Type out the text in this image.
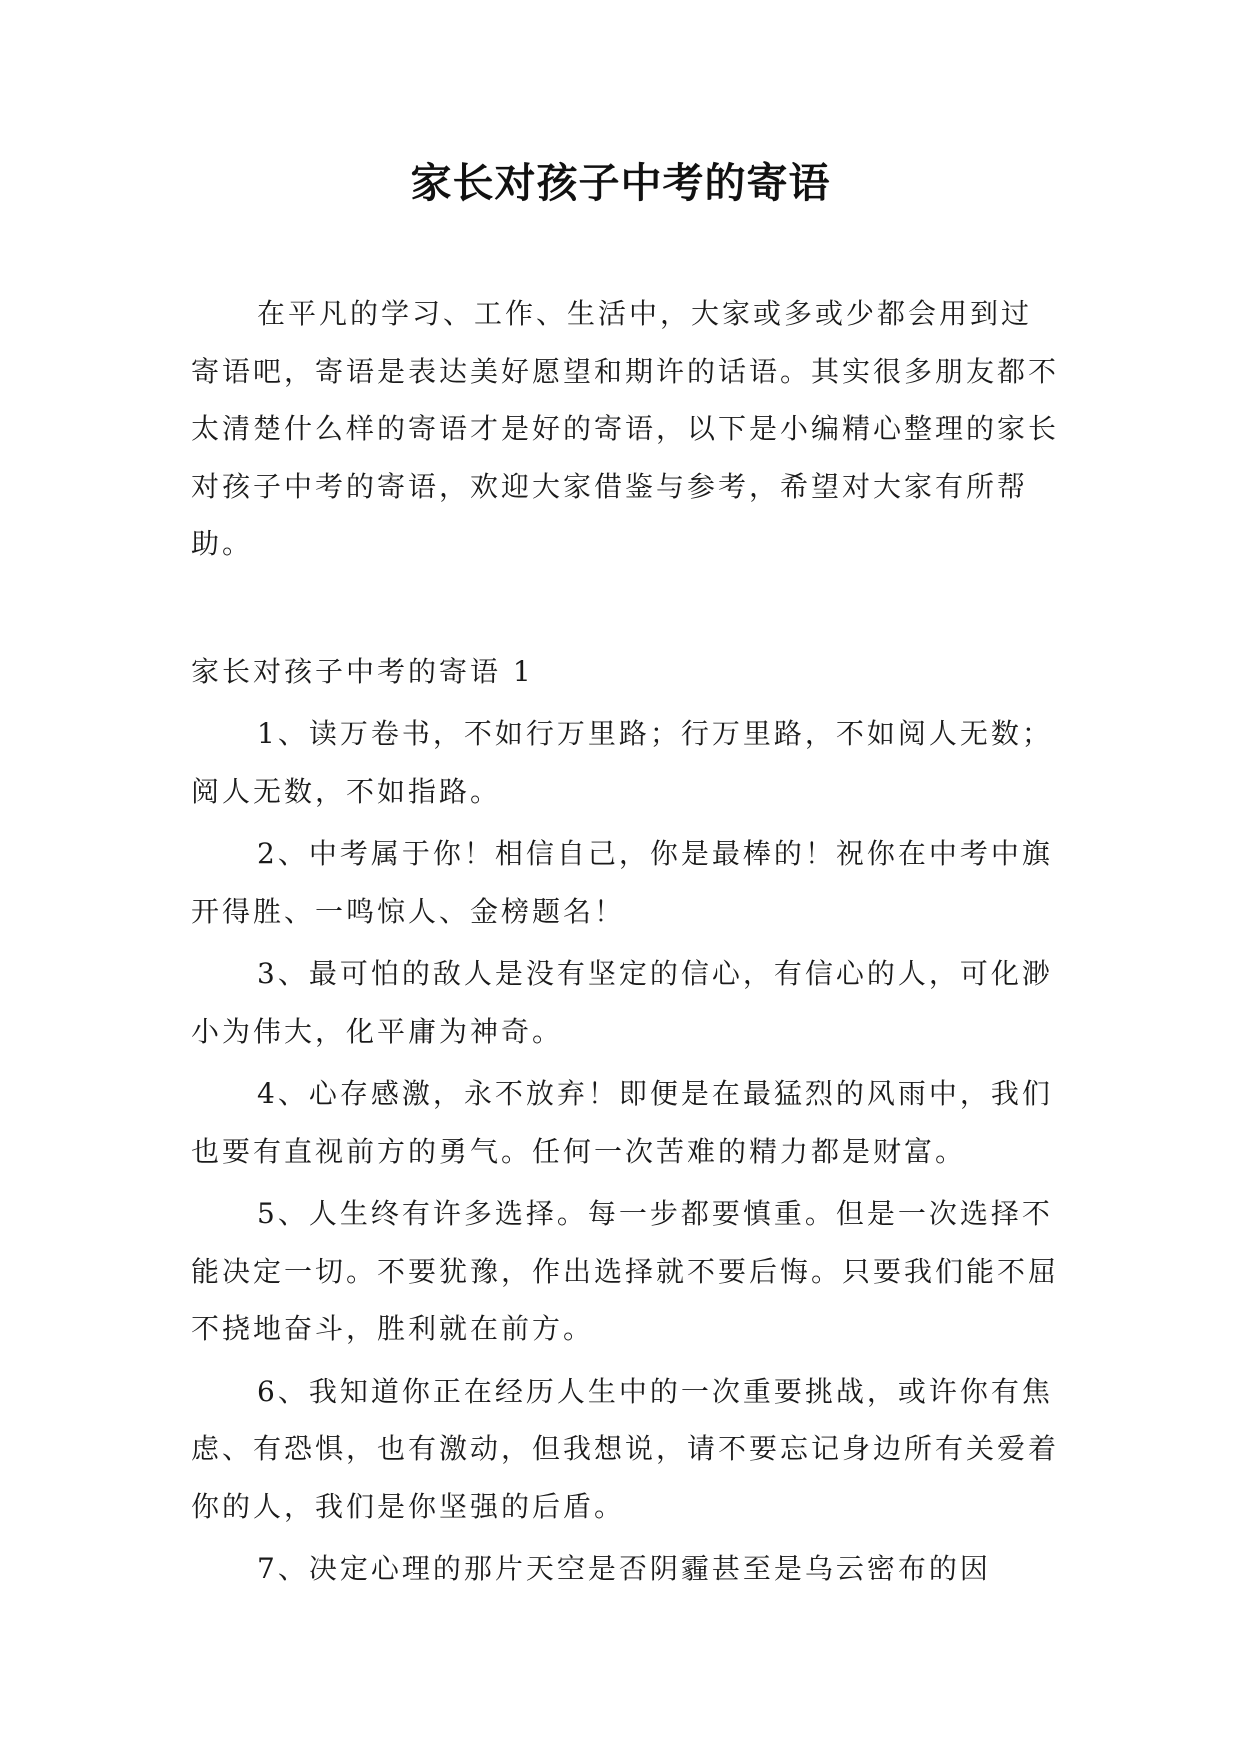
家长对孩子中考的寄语

在平凡的学习、工作、生活中，大家或多或少都会用到过寄语吧，寄语是表达美好愿望和期许的话语。其实很多朋友都不太清楚什么样的寄语才是好的寄语，以下是小编精心整理的家长对孩子中考的寄语，欢迎大家借鉴与参考，希望对大家有所帮助。

家长对孩子中考的寄语 1

1、读万卷书，不如行万里路；行万里路，不如阅人无数；阅人无数，不如指路。

2、中考属于你！相信自己，你是最棒的！祝你在中考中旗开得胜、一鸣惊人、金榜题名！

3、最可怕的敌人是没有坚定的信心，有信心的人，可化渺小为伟大，化平庸为神奇。

4、心存感激，永不放弃！即便是在最猛烈的风雨中，我们也要有直视前方的勇气。任何一次苦难的精力都是财富。

5、人生终有许多选择。每一步都要慎重。但是一次选择不能决定一切。不要犹豫，作出选择就不要后悔。只要我们能不屈不挠地奋斗，胜利就在前方。

6、我知道你正在经历人生中的一次重要挑战，或许你有焦虑、有恐惧，也有激动，但我想说，请不要忘记身边所有关爱着你的人，我们是你坚强的后盾。

7、决定心理的那片天空是否阴霾甚至是乌云密布的因
